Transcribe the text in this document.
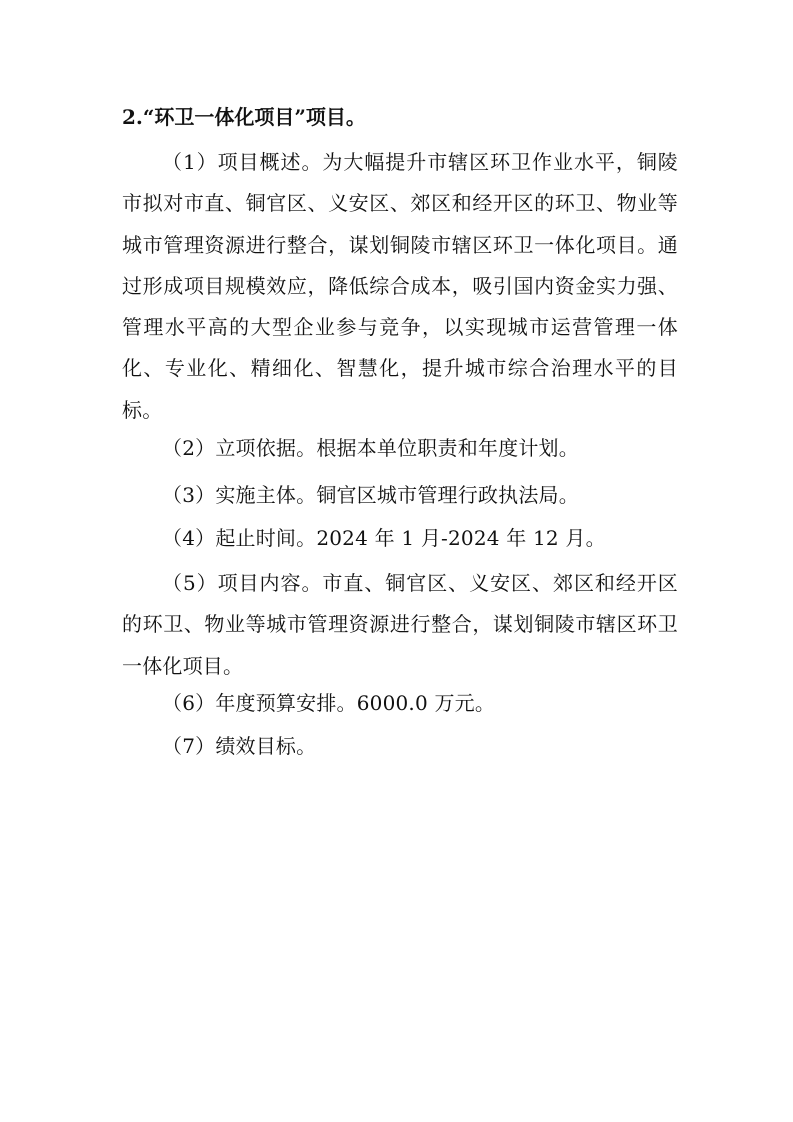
2.“环卫一体化项目”项目。
（1）项目概述。为大幅提升市辖区环卫作业水平，铜陵市拟对市直、铜官区、义安区、郊区和经开区的环卫、物业等城市管理资源进行整合，谋划铜陵市辖区环卫一体化项目。通过形成项目规模效应，降低综合成本，吸引国内资金实力强、管理水平高的大型企业参与竞争，以实现城市运营管理一体化、专业化、精细化、智慧化，提升城市综合治理水平的目标。
（2）立项依据。根据本单位职责和年度计划。
（3）实施主体。铜官区城市管理行政执法局。
（4）起止时间。2024 年 1 月-2024 年 12 月。
（5）项目内容。市直、铜官区、义安区、郊区和经开区的环卫、物业等城市管理资源进行整合，谋划铜陵市辖区环卫一体化项目。
（6）年度预算安排。6000.0 万元。
（7）绩效目标。
